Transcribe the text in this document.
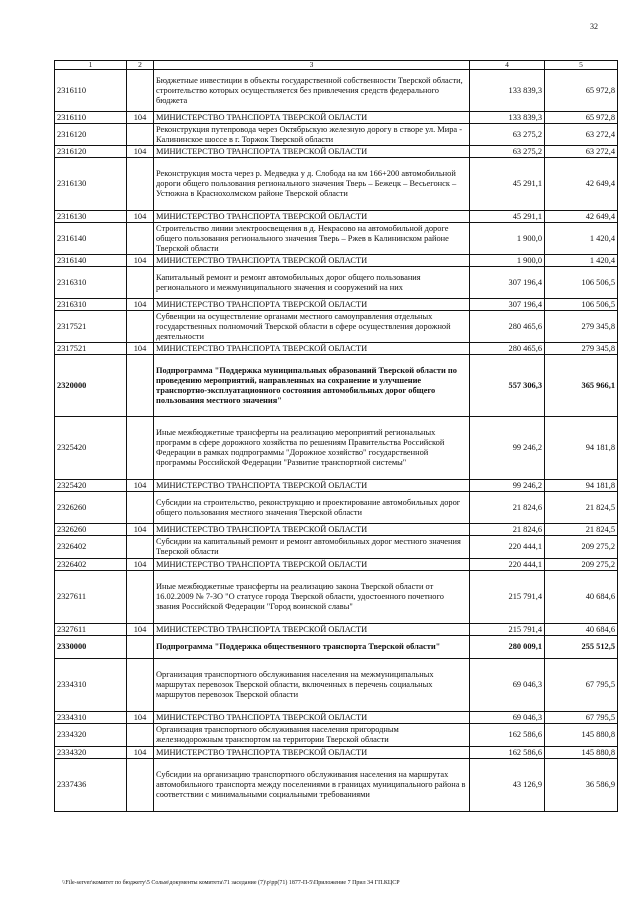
32
1	2	3	4	5
2316110		Бюджетные инвестиции в объекты государственной собственности Тверской области, строительство которых осуществляется без привлечения средств федерального бюджета	133 839,3	65 972,8
2316110	104	МИНИСТЕРСТВО ТРАНСПОРТА ТВЕРСКОЙ ОБЛАСТИ	133 839,3	65 972,8
2316120		Реконструкция путепровода через Октябрьскую железную дорогу в створе ул. Мира - Калининское шоссе в г. Торжок Тверской области	63 275,2	63 272,4
2316120	104	МИНИСТЕРСТВО ТРАНСПОРТА ТВЕРСКОЙ ОБЛАСТИ	63 275,2	63 272,4
2316130		Реконструкция моста через р. Медведка у д. Слобода на км 166+200 автомобильной дороги общего пользования регионального значения Тверь – Бежецк – Весьегонск – Устюжна в Краснохолмском районе Тверской области	45 291,1	42 649,4
2316130	104	МИНИСТЕРСТВО ТРАНСПОРТА ТВЕРСКОЙ ОБЛАСТИ	45 291,1	42 649,4
2316140		Строительство линии электроосвещения в д. Некрасово на автомобильной дороге общего пользования регионального значения Тверь – Ржев в Калининском районе Тверской области	1 900,0	1 420,4
2316140	104	МИНИСТЕРСТВО ТРАНСПОРТА ТВЕРСКОЙ ОБЛАСТИ	1 900,0	1 420,4
2316310		Капитальный ремонт и ремонт автомобильных дорог общего пользования регионального и межмуниципального значения и сооружений на них	307 196,4	106 506,5
2316310	104	МИНИСТЕРСТВО ТРАНСПОРТА ТВЕРСКОЙ ОБЛАСТИ	307 196,4	106 506,5
2317521		Субвенции на осуществление органами местного самоуправления отдельных государственных полномочий Тверской области в сфере осуществления дорожной деятельности	280 465,6	279 345,8
2317521	104	МИНИСТЕРСТВО ТРАНСПОРТА ТВЕРСКОЙ ОБЛАСТИ	280 465,6	279 345,8
2320000		Подпрограмма "Поддержка муниципальных образований Тверской области по проведению мероприятий, направленных на сохранение и улучшение транспортно-эксплуатационного состояния автомобильных дорог общего пользования местного значения"	557 306,3	365 966,1
2325420		Иные межбюджетные трансферты на реализацию мероприятий региональных программ в сфере дорожного хозяйства по решениям Правительства Российской Федерации в рамках подпрограммы "Дорожное хозяйство" государственной программы Российской Федерации "Развитие транспортной системы"	99 246,2	94 181,8
2325420	104	МИНИСТЕРСТВО ТРАНСПОРТА ТВЕРСКОЙ ОБЛАСТИ	99 246,2	94 181,8
2326260		Субсидии на строительство, реконструкцию и проектирование автомобильных дорог общего пользования местного значения Тверской области	21 824,6	21 824,5
2326260	104	МИНИСТЕРСТВО ТРАНСПОРТА ТВЕРСКОЙ ОБЛАСТИ	21 824,6	21 824,5
2326402		Субсидии на капитальный ремонт и ремонт автомобильных дорог местного значения Тверской области	220 444,1	209 275,2
2326402	104	МИНИСТЕРСТВО ТРАНСПОРТА ТВЕРСКОЙ ОБЛАСТИ	220 444,1	209 275,2
2327611		Иные межбюджетные трансферты на реализацию закона Тверской области от 16.02.2009 № 7-ЗО "О статусе города Тверской области, удостоенного почетного звания Российской Федерации "Город воинской славы"	215 791,4	40 684,6
2327611	104	МИНИСТЕРСТВО ТРАНСПОРТА ТВЕРСКОЙ ОБЛАСТИ	215 791,4	40 684,6
2330000		Подпрограмма "Поддержка общественного транспорта Тверской области"	280 009,1	255 512,5
2334310		Организация транспортного обслуживания населения на межмуниципальных маршрутах перевозок Тверской области, включенных в перечень социальных маршрутов перевозок Тверской области	69 046,3	67 795,5
2334310	104	МИНИСТЕРСТВО ТРАНСПОРТА ТВЕРСКОЙ ОБЛАСТИ	69 046,3	67 795,5
2334320		Организация транспортного обслуживания населения пригородным железнодорожным транспортом на территории Тверской области	162 586,6	145 880,8
2334320	104	МИНИСТЕРСТВО ТРАНСПОРТА ТВЕРСКОЙ ОБЛАСТИ	162 586,6	145 880,8
2337436		Субсидии на организацию транспортного обслуживания населения на маршрутах автомобильного транспорта между поселениями в границах муниципального района в соответствии с минимальными социальными требованиями	43 126,9	36 586,9
\\File-server\комитет по бюджету\5 Сольм\документы комитета\71 заседание (7)\p\pр(71) 1877-П-5\Приложение 7 Прил 34 ГП.КЦСР
